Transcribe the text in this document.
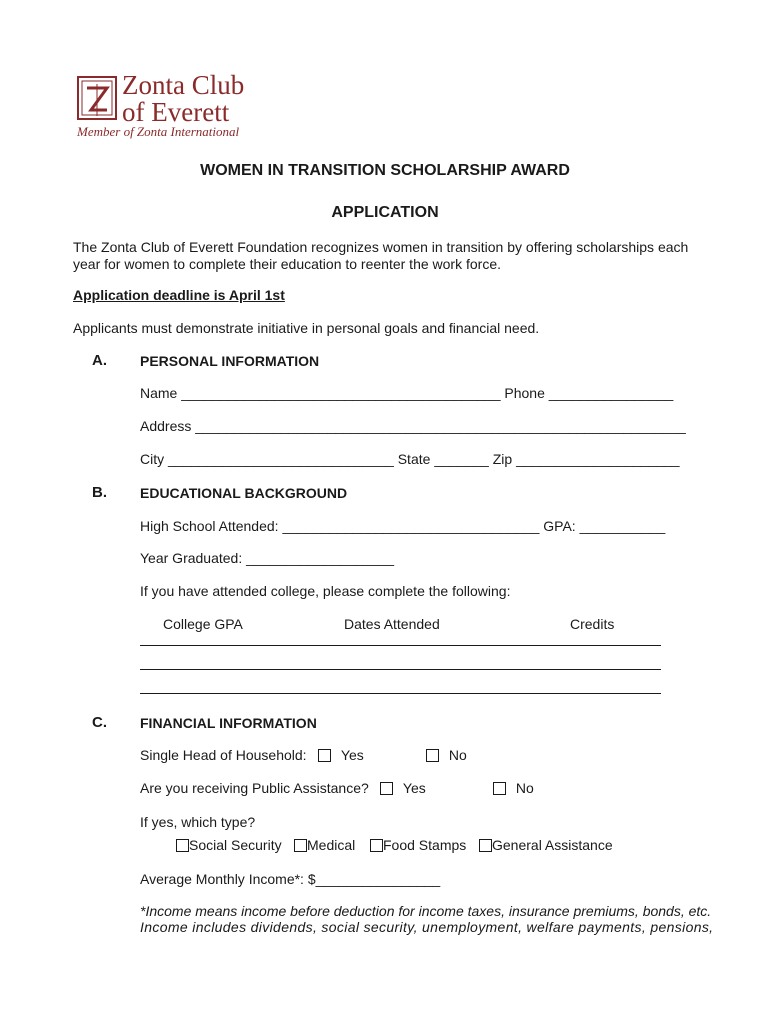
Zonta Club
of Everett
Member of Zonta International
WOMEN IN TRANSITION SCHOLARSHIP AWARD
APPLICATION
The Zonta Club of Everett Foundation recognizes women in transition by offering scholarships each year for women to complete their education to reenter the work force.
Application deadline is April 1st
Applicants must demonstrate initiative in personal goals and financial need.
A. PERSONAL INFORMATION
Name _________________________________________ Phone ________________
Address _______________________________________________________________
City _____________________________ State _______ Zip _____________________
B. EDUCATIONAL BACKGROUND
High School Attended: _________________________________ GPA: ___________
Year Graduated: ___________________
If you have attended college, please complete the following:
College GPA	Dates Attended	Credits
C. FINANCIAL INFORMATION
Single Head of Household:	Yes	No
Are you receiving Public Assistance?	Yes	No
If yes, which type?
Social Security	Medical	Food Stamps	General Assistance
Average Monthly Income*: $________________
*Income means income before deduction for income taxes, insurance premiums, bonds, etc.
Income includes dividends, social security, unemployment, welfare payments, pensions,
